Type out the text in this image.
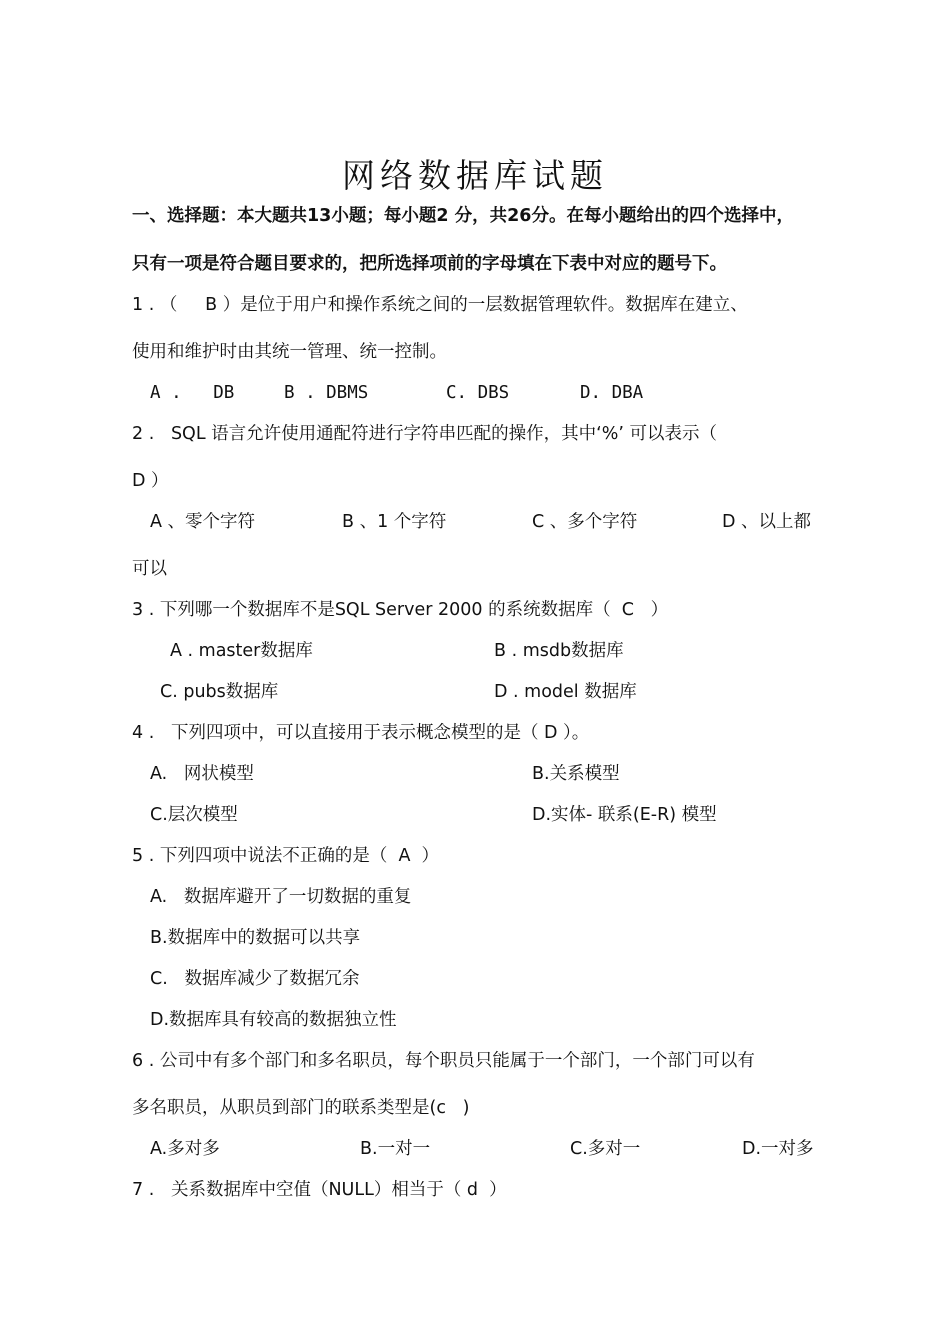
网络数据库试题
一、选择题：本大题共13小题；每小题2 分，共26分。在每小题给出的四个选择中，
只有一项是符合题目要求的，把所选择项前的字母填在下表中对应的题号下。
1 . （     B ）是位于用户和操作系统之间的一层数据管理软件。数据库在建立、
使用和维护时由其统一管理、统一控制。
A .   DB	B . DBMS	C. DBS	D. DBA
2 .   SQL 语言允许使用通配符进行字符串匹配的操作，其中‘%’ 可以表示（
D ）
A 、零个字符	B 、1 个字符	C 、多个字符	D 、以上都
可以
3 . 下列哪一个数据库不是SQL Server 2000 的系统数据库（  C   ）
A . master数据库	B . msdb数据库
C. pubs数据库	D . model 数据库
4 .   下列四项中，可以直接用于表示概念模型的是（ D ）。
A.   网状模型	B.关系模型
C.层次模型	D.实体- 联系(E-R) 模型
5 . 下列四项中说法不正确的是（  A  ）
A.   数据库避开了一切数据的重复
B.数据库中的数据可以共享
C.   数据库减少了数据冗余
D.数据库具有较高的数据独立性
6 . 公司中有多个部门和多名职员，每个职员只能属于一个部门，一个部门可以有
多名职员，从职员到部门的联系类型是(c   )
A.多对多	B.一对一	C.多对一	D.一对多
7 .   关系数据库中空值（NULL）相当于（ d  ）
